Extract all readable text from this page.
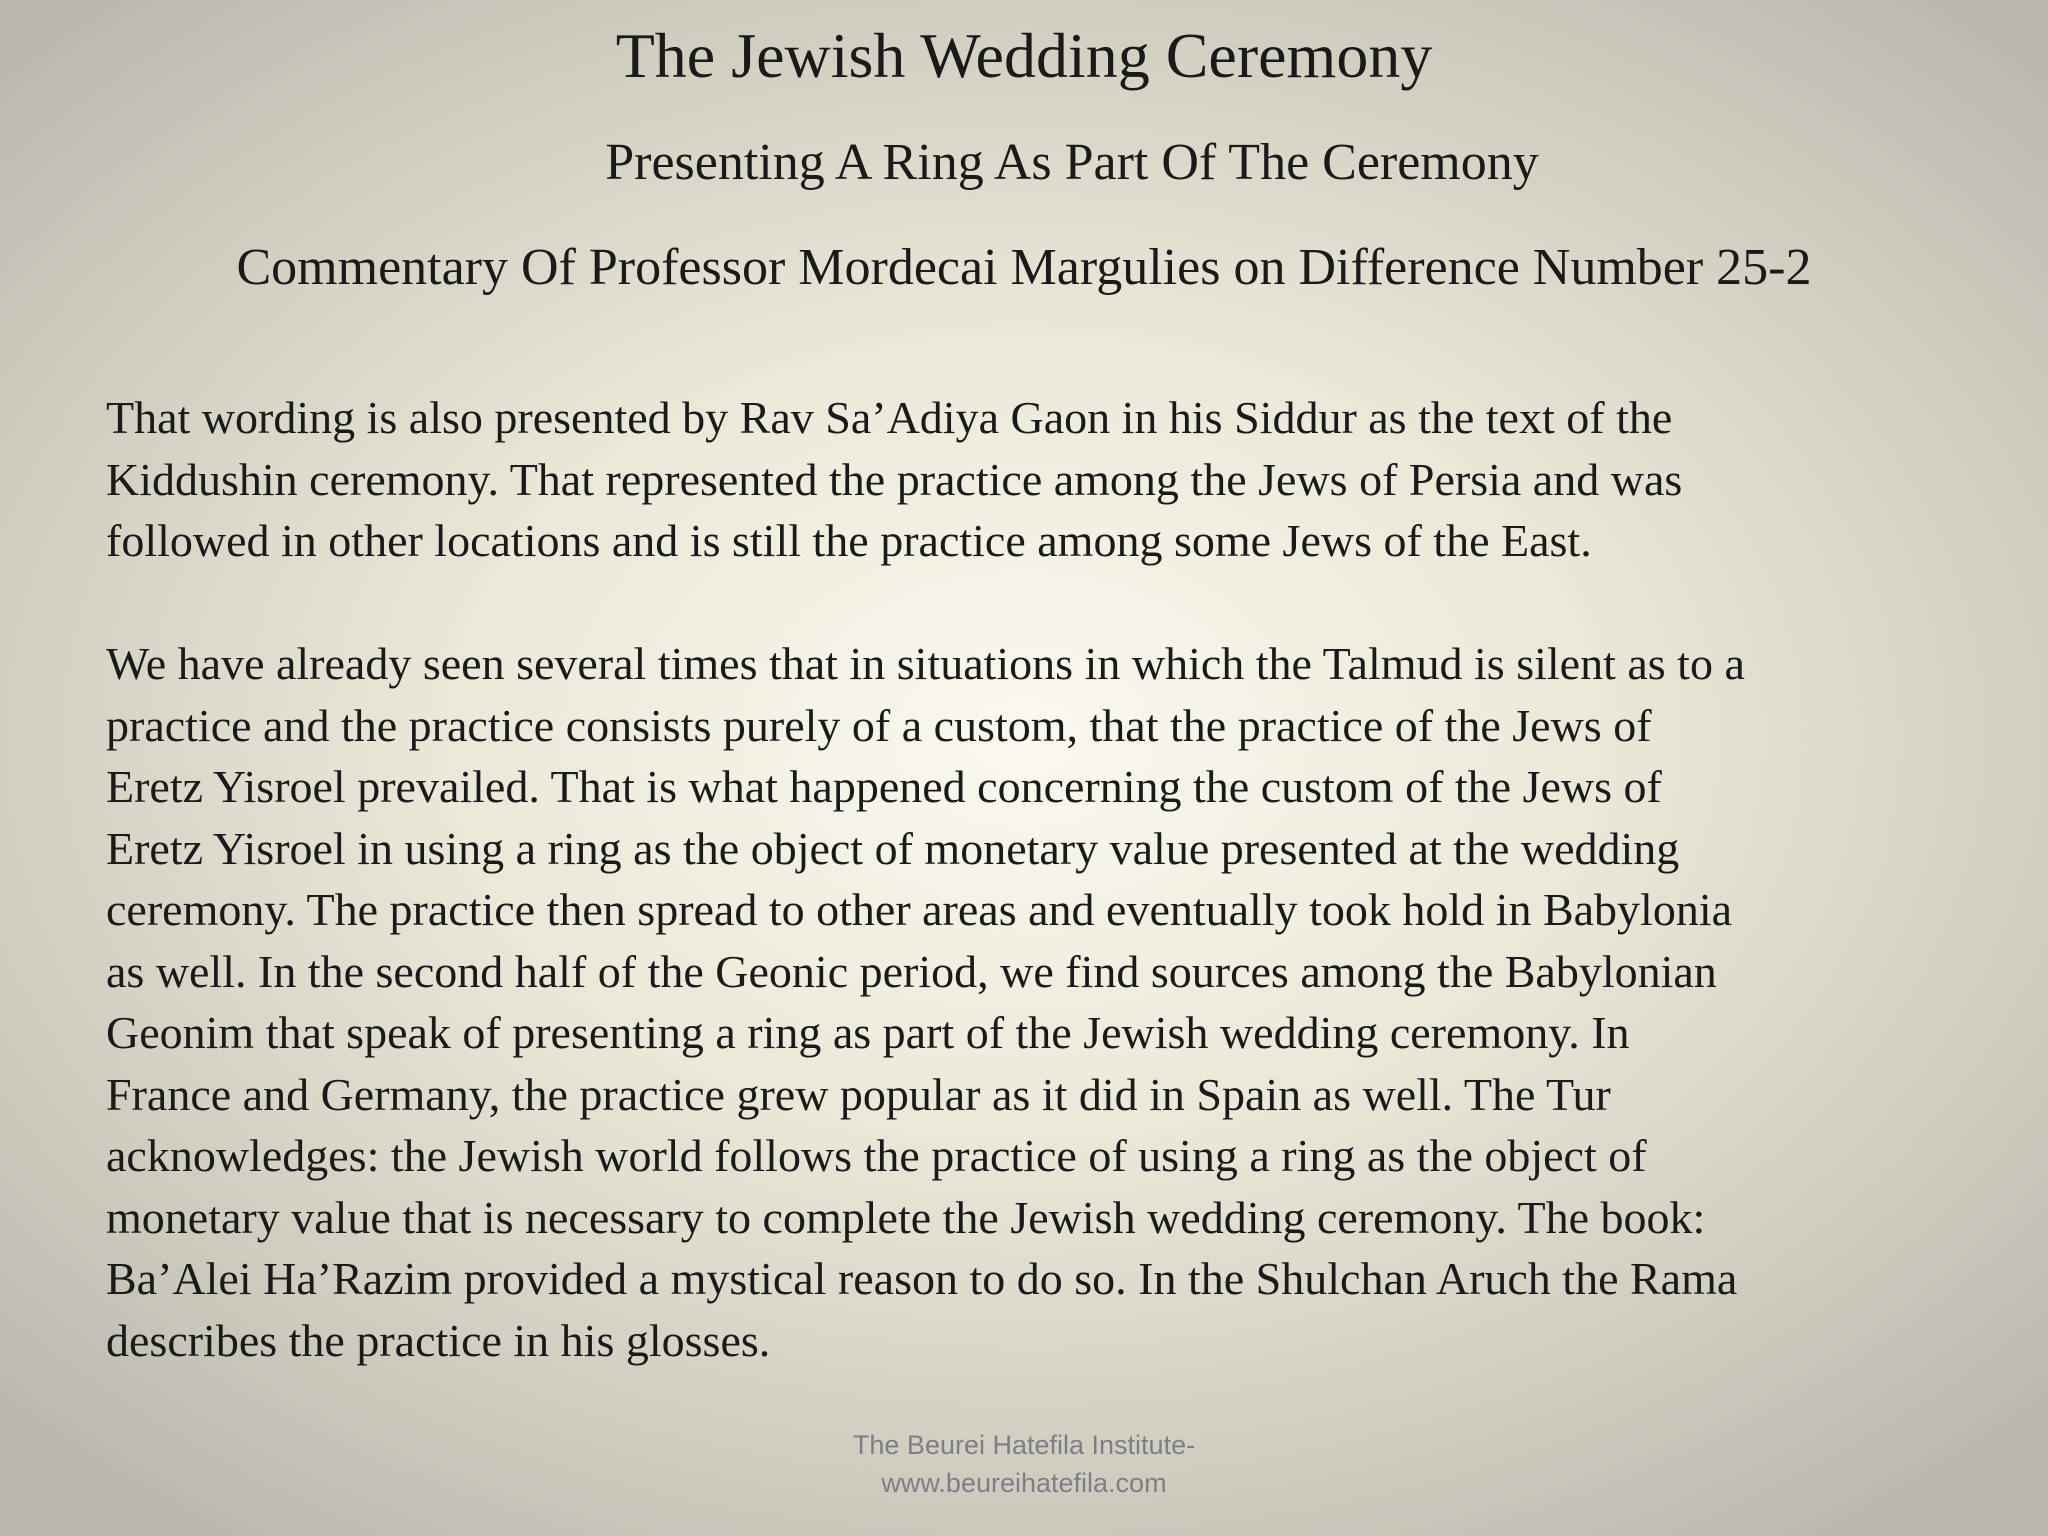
The Jewish Wedding Ceremony
Presenting A Ring As Part Of The Ceremony
Commentary Of Professor Mordecai Margulies on Difference Number 25-2

That wording is also presented by Rav Sa’Adiya Gaon in his Siddur as the text of the
Kiddushin ceremony. That represented the practice among the Jews of Persia and was
followed in other locations and is still the practice among some Jews of the East.

We have already seen several times that in situations in which the Talmud is silent as to a
practice and the practice consists purely of a custom, that the practice of the Jews of
Eretz Yisroel prevailed. That is what happened concerning the custom of the Jews of
Eretz Yisroel in using a ring as the object of monetary value presented at the wedding
ceremony. The practice then spread to other areas and eventually took hold in Babylonia
as well. In the second half of the Geonic period, we find sources among the Babylonian
Geonim that speak of presenting a ring as part of the Jewish wedding ceremony. In
France and Germany, the practice grew popular as it did in Spain as well. The Tur
acknowledges: the Jewish world follows the practice of using a ring as the object of
monetary value that is necessary to complete the Jewish wedding ceremony. The book:
Ba’Alei Ha’Razim provided a mystical reason to do so. In the Shulchan Aruch the Rama
describes the practice in his glosses.

The Beurei Hatefila Institute-
www.beureihatefila.com
